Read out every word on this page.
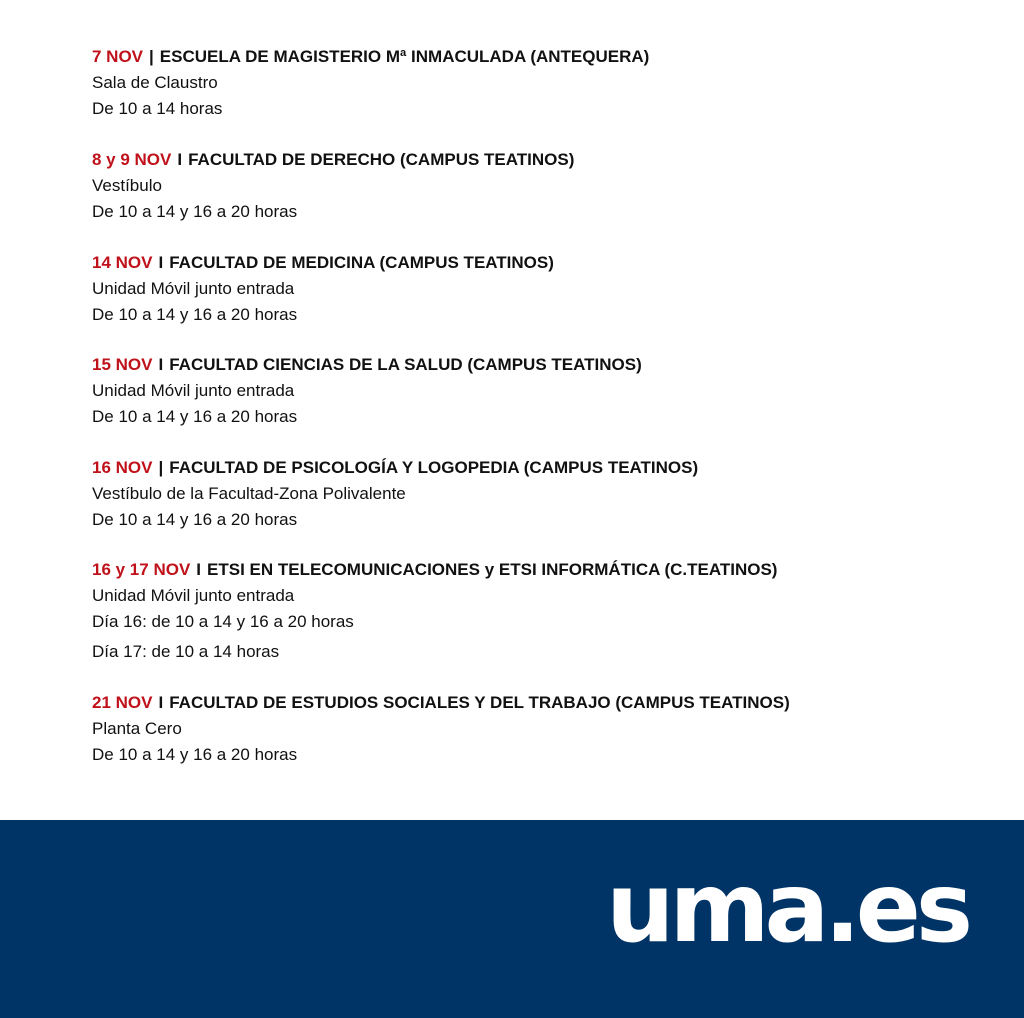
7 NOV | ESCUELA DE MAGISTERIO Mª INMACULADA (ANTEQUERA)
Sala de Claustro
De 10 a 14 horas
8 y 9 NOV I FACULTAD DE DERECHO (CAMPUS TEATINOS)
Vestíbulo
De 10 a 14 y 16 a 20 horas
14 NOV I FACULTAD DE MEDICINA (CAMPUS TEATINOS)
Unidad Móvil junto entrada
De 10 a 14 y 16 a 20 horas
15 NOV I FACULTAD CIENCIAS DE LA SALUD (CAMPUS TEATINOS)
Unidad Móvil junto entrada
De 10 a 14 y 16 a 20 horas
16 NOV | FACULTAD DE PSICOLOGÍA Y LOGOPEDIA (CAMPUS TEATINOS)
Vestíbulo de la Facultad-Zona Polivalente
De 10 a 14 y 16 a 20 horas
16 y 17 NOV I ETSI EN TELECOMUNICACIONES y ETSI INFORMÁTICA (C.TEATINOS)
Unidad Móvil junto entrada
Día 16: de 10 a 14 y 16 a 20 horas
Día 17: de 10 a 14 horas
21 NOV I FACULTAD DE ESTUDIOS SOCIALES Y DEL TRABAJO (CAMPUS TEATINOS)
Planta Cero
De 10 a 14 y 16 a 20 horas
uma.es
